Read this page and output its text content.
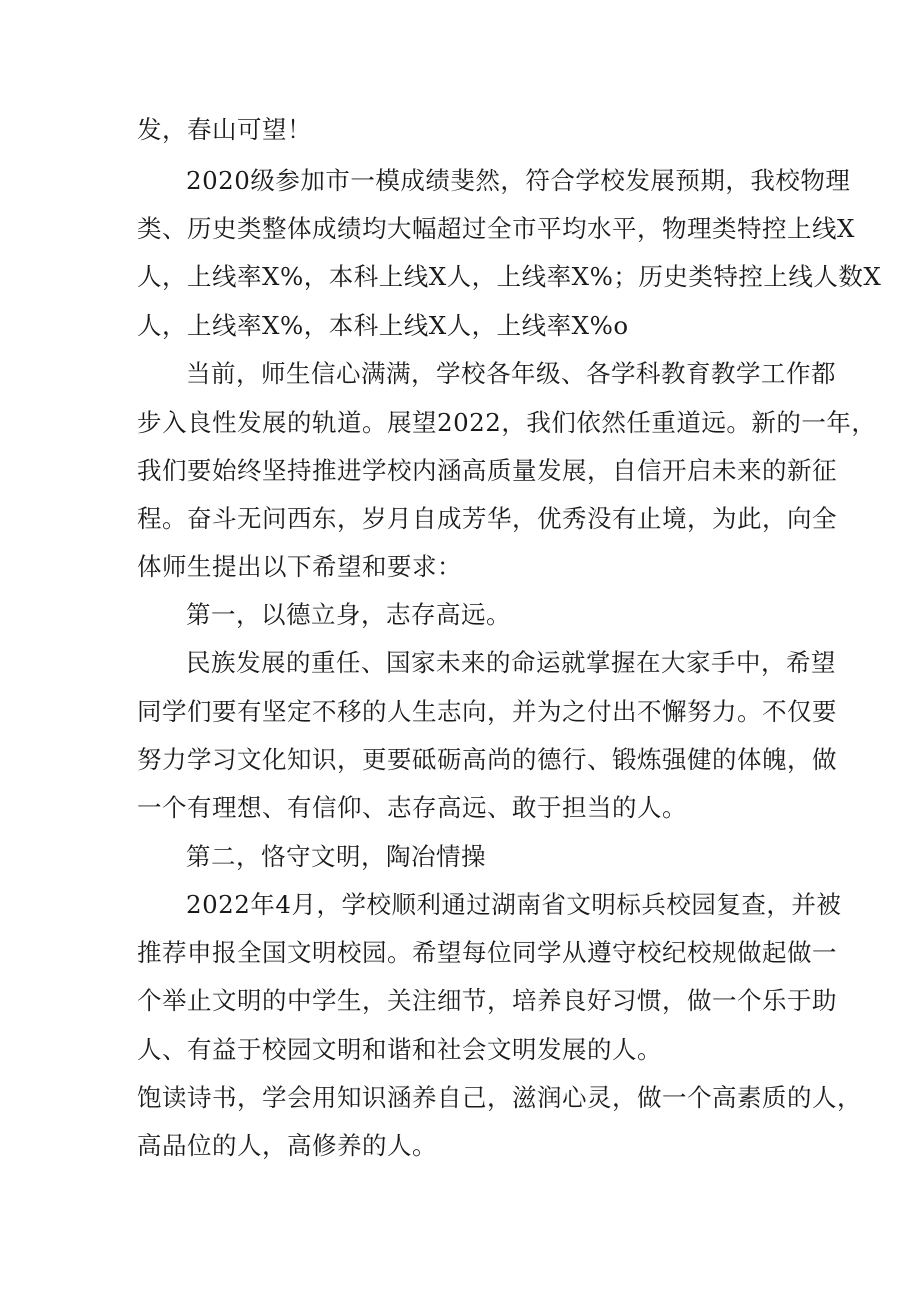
发，春山可望！
2020级参加市一模成绩斐然，符合学校发展预期，我校物理
类、历史类整体成绩均大幅超过全市平均水平，物理类特控上线X
人，上线率X%，本科上线X人，上线率X%；历史类特控上线人数X
人，上线率X%，本科上线X人，上线率X%o
当前，师生信心满满，学校各年级、各学科教育教学工作都
步入良性发展的轨道。展望2022，我们依然任重道远。新的一年，
我们要始终坚持推进学校内涵高质量发展，自信开启未来的新征
程。奋斗无问西东，岁月自成芳华，优秀没有止境，为此，向全
体师生提出以下希望和要求：
第一，以德立身，志存高远。
民族发展的重任、国家未来的命运就掌握在大家手中，希望
同学们要有坚定不移的人生志向，并为之付出不懈努力。不仅要
努力学习文化知识，更要砥砺高尚的德行、锻炼强健的体魄，做
一个有理想、有信仰、志存高远、敢于担当的人。
第二，恪守文明，陶冶情操
2022年4月，学校顺利通过湖南省文明标兵校园复查，并被
推荐申报全国文明校园。希望每位同学从遵守校纪校规做起做一
个举止文明的中学生，关注细节，培养良好习惯，做一个乐于助
人、有益于校园文明和谐和社会文明发展的人。
饱读诗书，学会用知识涵养自己，滋润心灵，做一个高素质的人，
高品位的人，高修养的人。
